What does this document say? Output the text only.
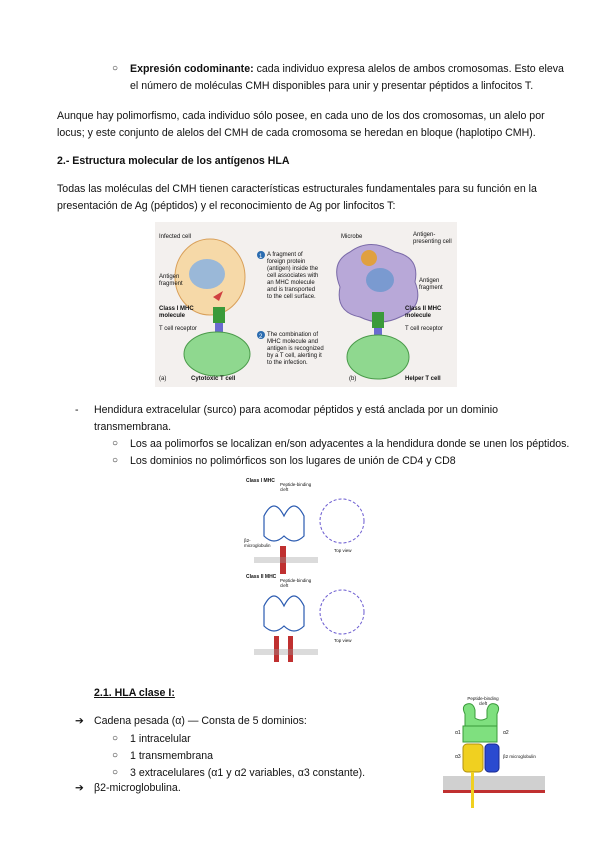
○ Expresión codominante: cada individuo expresa alelos de ambos cromosomas. Esto eleva

el número de moléculas CMH disponibles para unir y presentar péptidos a linfocitos T.

Aunque hay polimorfismo, cada individuo sólo posee, en cada uno de los dos cromosomas, un alelo por

locus; y este conjunto de alelos del CMH de cada cromosoma se heredan en bloque (haplotipo CMH).

2.- Estructura molecular de los antígenos HLA

Todas las moléculas del CMH tienen características estructurales fundamentales para su función en la

presentación de Ag (péptidos) y el reconocimiento de Ag por linfocitos T:

1
2
Infected cell
Antigen fragment
Class I MHC molecule
T cell receptor
Cytotoxic T cell
(a)
A fragment of
foreign protein
(antigen) inside the
cell associates with
an MHC molecule
and is transported
to the cell surface.
The combination of
MHC molecule and
antigen is recognized
by a T cell, alerting it
to the infection.
Microbe	Antigen-presenting cell
Antigen fragment
Class II MHC molecule
T cell receptor
Helper T cell
(b)
- Hendidura extracelular (surco) para acomodar péptidos y está anclada por un dominio

transmembrana.

○ Los aa polimorfos se localizan en/son adyacentes a la hendidura donde se unen los péptidos.

○ Los dominios no polimórficos son los lugares de unión de CD4 y CD8

Class I MHC
Peptide-binding cleft
β2-microglobulin
Top view
Class II MHC
Peptide-binding cleft
Top view

2.1. HLA clase I:

➔ Cadena pesada (α) — Consta de 5 dominios:

○ 1 intracelular

○ 1 transmembrana

○ 3 extracelulares (α1 y α2 variables, α3 constante).

➔ β2-microglobulina.

Peptide-binding cleft
α1	α2
α3	β2 microglobulin
